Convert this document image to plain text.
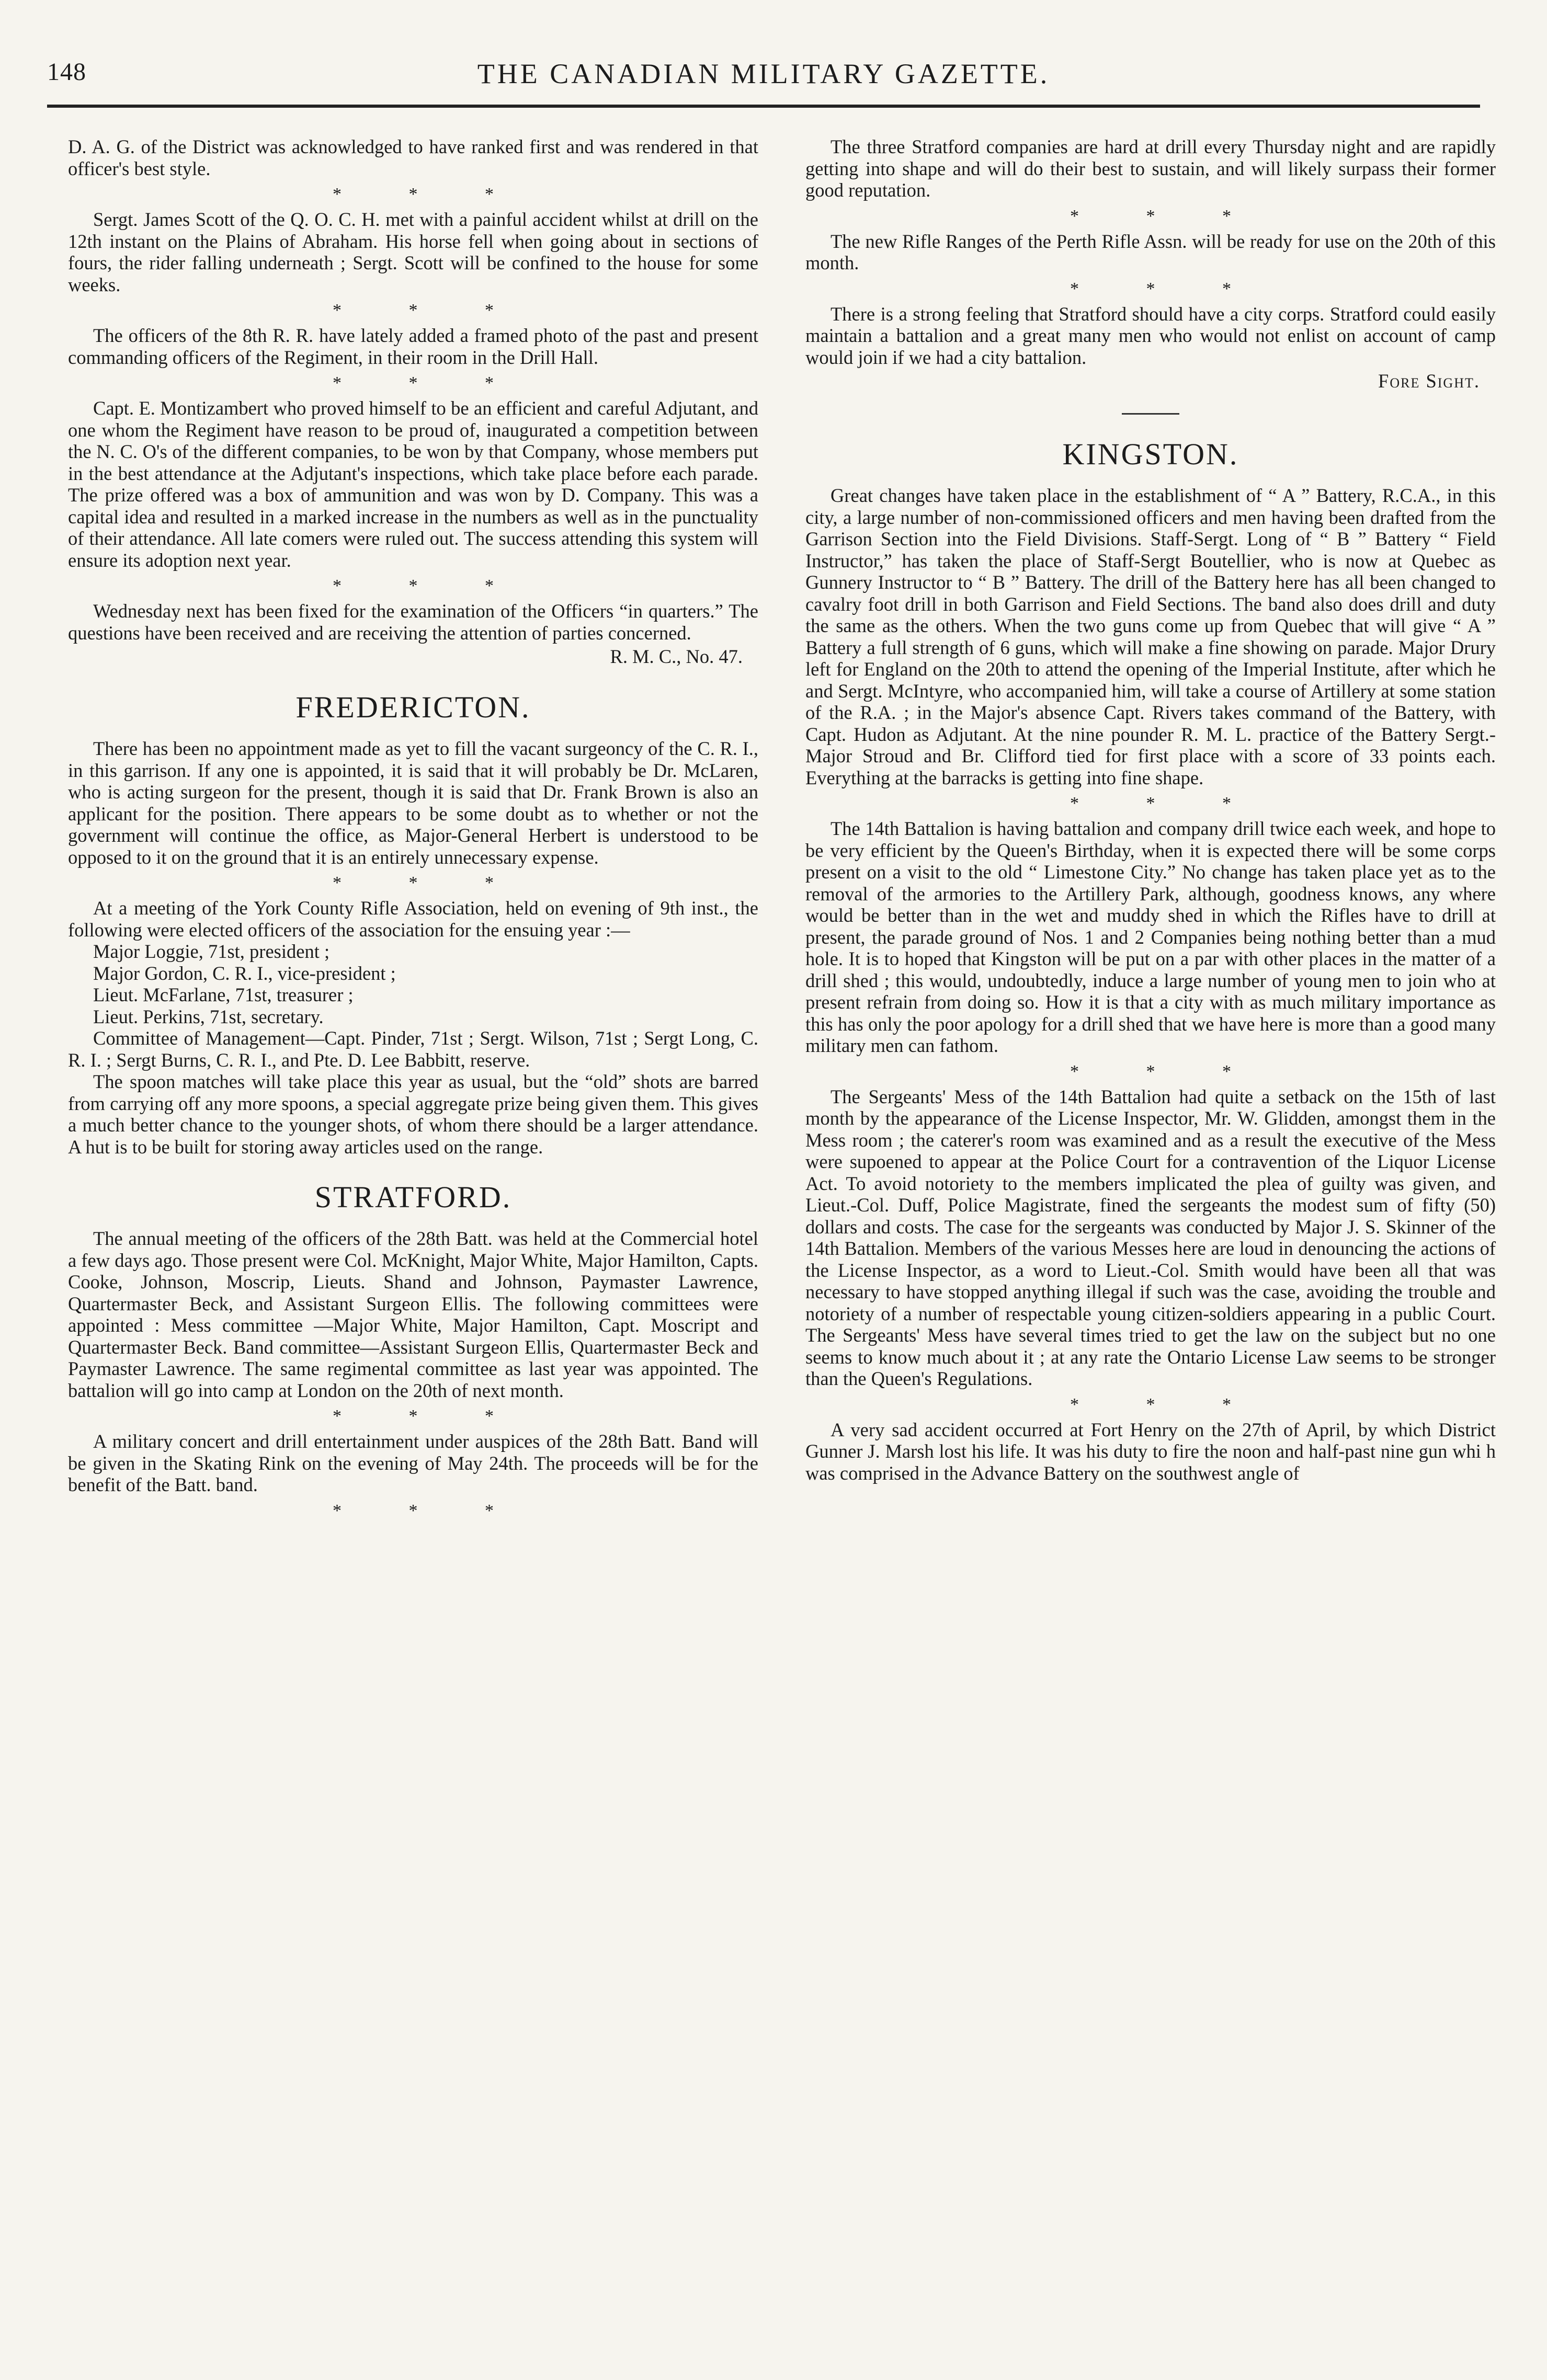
148	THE CANADIAN MILITARY GAZETTE.

D. A. G. of the District was acknowledged to have ranked first and was rendered in that officer's best style.

* * *

Sergt. James Scott of the Q. O. C. H. met with a painful accident whilst at drill on the 12th instant on the Plains of Abraham. His horse fell when going about in sections of fours, the rider falling underneath ; Sergt. Scott will be confined to the house for some weeks.

* * *

The officers of the 8th R. R. have lately added a framed photo of the past and present commanding officers of the Regiment, in their room in the Drill Hall.

* * *

Capt. E. Montizambert who proved himself to be an efficient and careful Adjutant, and one whom the Regiment have reason to be proud of, inaugurated a competition between the N. C. O's of the different companies, to be won by that Company, whose members put in the best attendance at the Adjutant's inspections, which take place before each parade. The prize offered was a box of ammunition and was won by D. Company. This was a capital idea and resulted in a marked increase in the numbers as well as in the punctuality of their attendance. All late comers were ruled out. The success attending this system will ensure its adoption next year.

* * *

Wednesday next has been fixed for the examination of the Officers “in quarters.” The questions have been received and are receiving the attention of parties concerned.

R. M. C., No. 47.
FREDERICTON.

There has been no appointment made as yet to fill the vacant surgeoncy of the C. R. I., in this garrison. If any one is appointed, it is said that it will probably be Dr. McLaren, who is acting surgeon for the present, though it is said that Dr. Frank Brown is also an applicant for the position. There appears to be some doubt as to whether or not the government will continue the office, as Major-General Herbert is understood to be opposed to it on the ground that it is an entirely unnecessary expense.

* * *

At a meeting of the York County Rifle Association, held on evening of 9th inst., the following were elected officers of the association for the ensuing year :—

Major Loggie, 71st, president ;

Major Gordon, C. R. I., vice-president ;

Lieut. McFarlane, 71st, treasurer ;

Lieut. Perkins, 71st, secretary.

Committee of Management—Capt. Pinder, 71st ; Sergt. Wilson, 71st ; Sergt Long, C. R. I. ; Sergt Burns, C. R. I., and Pte. D. Lee Babbitt, reserve.

The spoon matches will take place this year as usual, but the “old” shots are barred from carrying off any more spoons, a special aggregate prize being given them. This gives a much better chance to the younger shots, of whom there should be a larger attendance. A hut is to be built for storing away articles used on the range.

STRATFORD.

The annual meeting of the officers of the 28th Batt. was held at the Commercial hotel a few days ago. Those present were Col. McKnight, Major White, Major Hamilton, Capts. Cooke, Johnson, Moscrip, Lieuts. Shand and Johnson, Paymaster Lawrence, Quartermaster Beck, and Assistant Surgeon Ellis. The following committees were appointed : Mess committee —Major White, Major Hamilton, Capt. Moscript and Quartermaster Beck. Band committee—Assistant Surgeon Ellis, Quartermaster Beck and Paymaster Lawrence. The same regimental committee as last year was appointed. The battalion will go into camp at London on the 20th of next month.

* * *

A military concert and drill entertainment under auspices of the 28th Batt. Band will be given in the Skating Rink on the evening of May 24th. The proceeds will be for the benefit of the Batt. band.

* * *

The three Stratford companies are hard at drill every Thursday night and are rapidly getting into shape and will do their best to sustain, and will likely surpass their former good reputation.

* * *

The new Rifle Ranges of the Perth Rifle Assn. will be ready for use on the 20th of this month.

* * *

There is a strong feeling that Stratford should have a city corps. Stratford could easily maintain a battalion and a great many men who would not enlist on account of camp would join if we had a city battalion.

Fore Sight.
KINGSTON.

Great changes have taken place in the establishment of “ A ” Battery, R.C.A., in this city, a large number of non-commissioned officers and men having been drafted from the Garrison Section into the Field Divisions. Staff-Sergt. Long of “ B ” Battery “ Field Instructor,” has taken the place of Staff-Sergt Boutellier, who is now at Quebec as Gunnery Instructor to “ B ” Battery. The drill of the Battery here has all been changed to cavalry foot drill in both Garrison and Field Sections. The band also does drill and duty the same as the others. When the two guns come up from Quebec that will give “ A ” Battery a full strength of 6 guns, which will make a fine showing on parade. Major Drury left for England on the 20th to attend the opening of the Imperial Institute, after which he and Sergt. McIntyre, who accompanied him, will take a course of Artillery at some station of the R.A. ; in the Major's absence Capt. Rivers takes command of the Battery, with Capt. Hudon as Adjutant. At the nine pounder R. M. L. practice of the Battery Sergt.-Major Stroud and Br. Clifford tied for first place with a score of 33 points each. Everything at the barracks is getting into fine shape.

* * *

The 14th Battalion is having battalion and company drill twice each week, and hope to be very efficient by the Queen's Birthday, when it is expected there will be some corps present on a visit to the old “ Limestone City.” No change has taken place yet as to the removal of the armories to the Artillery Park, although, goodness knows, any where would be better than in the wet and muddy shed in which the Rifles have to drill at present, the parade ground of Nos. 1 and 2 Companies being nothing better than a mud hole. It is to hoped that Kingston will be put on a par with other places in the matter of a drill shed ; this would, undoubtedly, induce a large number of young men to join who at present refrain from doing so. How it is that a city with as much military importance as this has only the poor apology for a drill shed that we have here is more than a good many military men can fathom.

* * *

The Sergeants' Mess of the 14th Battalion had quite a setback on the 15th of last month by the appearance of the License Inspector, Mr. W. Glidden, amongst them in the Mess room ; the caterer's room was examined and as a result the executive of the Mess were supoened to appear at the Police Court for a contravention of the Liquor License Act. To avoid notoriety to the members implicated the plea of guilty was given, and Lieut.-Col. Duff, Police Magistrate, fined the sergeants the modest sum of fifty (50) dollars and costs. The case for the sergeants was conducted by Major J. S. Skinner of the 14th Battalion. Members of the various Messes here are loud in denouncing the actions of the License Inspector, as a word to Lieut.-Col. Smith would have been all that was necessary to have stopped anything illegal if such was the case, avoiding the trouble and notoriety of a number of respectable young citizen-soldiers appearing in a public Court. The Sergeants' Mess have several times tried to get the law on the subject but no one seems to know much about it ; at any rate the Ontario License Law seems to be stronger than the Queen's Regulations.

* * *

A very sad accident occurred at Fort Henry on the 27th of April, by which District Gunner J. Marsh lost his life. It was his duty to fire the noon and half-past nine gun whi h was comprised in the Advance Battery on the southwest angle of
